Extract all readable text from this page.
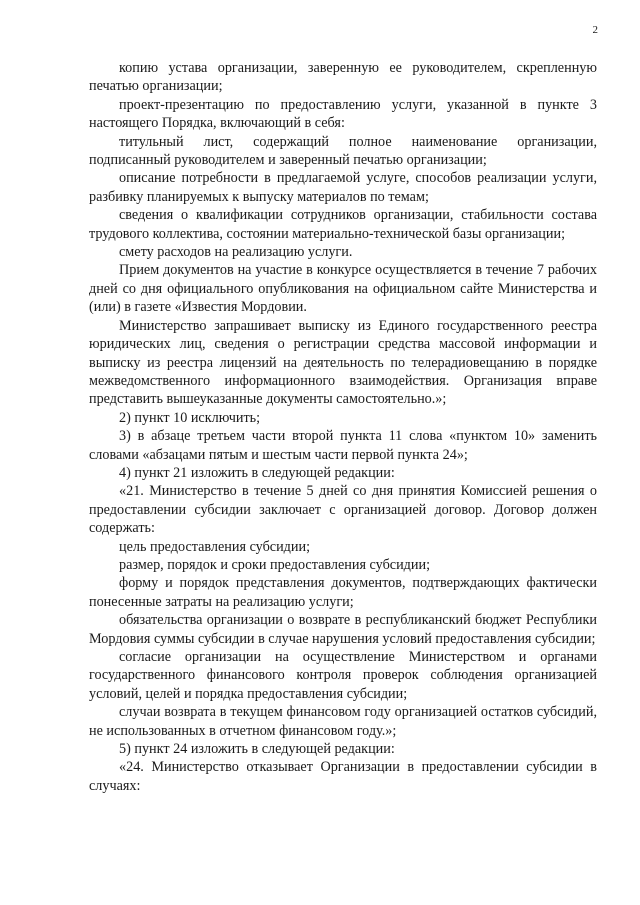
2

копию устава организации, заверенную ее руководителем, скрепленную печатью организации;

проект-презентацию по предоставлению услуги, указанной в пункте 3 настоящего Порядка, включающий в себя:

титульный лист, содержащий полное наименование организации, подписанный руководителем и заверенный печатью организации;

описание потребности в предлагаемой услуге, способов реализации услуги, разбивку планируемых к выпуску материалов по темам;

сведения о квалификации сотрудников организации, стабильности состава трудового коллектива, состоянии материально-технической базы организации;

смету расходов на реализацию услуги.

Прием документов на участие в конкурсе осуществляется в течение 7 рабочих дней со дня официального опубликования на официальном сайте Министерства и (или) в газете «Известия Мордовии.

Министерство запрашивает выписку из Единого государственного реестра юридических лиц, сведения о регистрации средства массовой информации и выписку из реестра лицензий на деятельность по телерадиовещанию в порядке межведомственного информационного взаимодействия. Организация вправе представить вышеуказанные документы самостоятельно.»;

2) пункт 10 исключить;

3) в абзаце третьем части второй пункта 11 слова «пунктом 10» заменить словами «абзацами пятым и шестым части первой пункта 24»;

4) пункт 21 изложить в следующей редакции:

«21. Министерство в течение 5 дней со дня принятия Комиссией решения о предоставлении субсидии заключает с организацией договор. Договор должен содержать:

цель предоставления субсидии;

размер, порядок и сроки предоставления субсидии;

форму и порядок представления документов, подтверждающих фактически понесенные затраты на реализацию услуги;

обязательства организации о возврате в республиканский бюджет Республики Мордовия суммы субсидии в случае нарушения условий предоставления субсидии;

согласие организации на осуществление Министерством и органами государственного финансового контроля проверок соблюдения организацией условий, целей и порядка предоставления субсидии;

случаи возврата в текущем финансовом году организацией остатков субсидий, не использованных в отчетном финансовом году.»;

5) пункт 24 изложить в следующей редакции:

«24. Министерство отказывает Организации в предоставлении субсидии в случаях:
